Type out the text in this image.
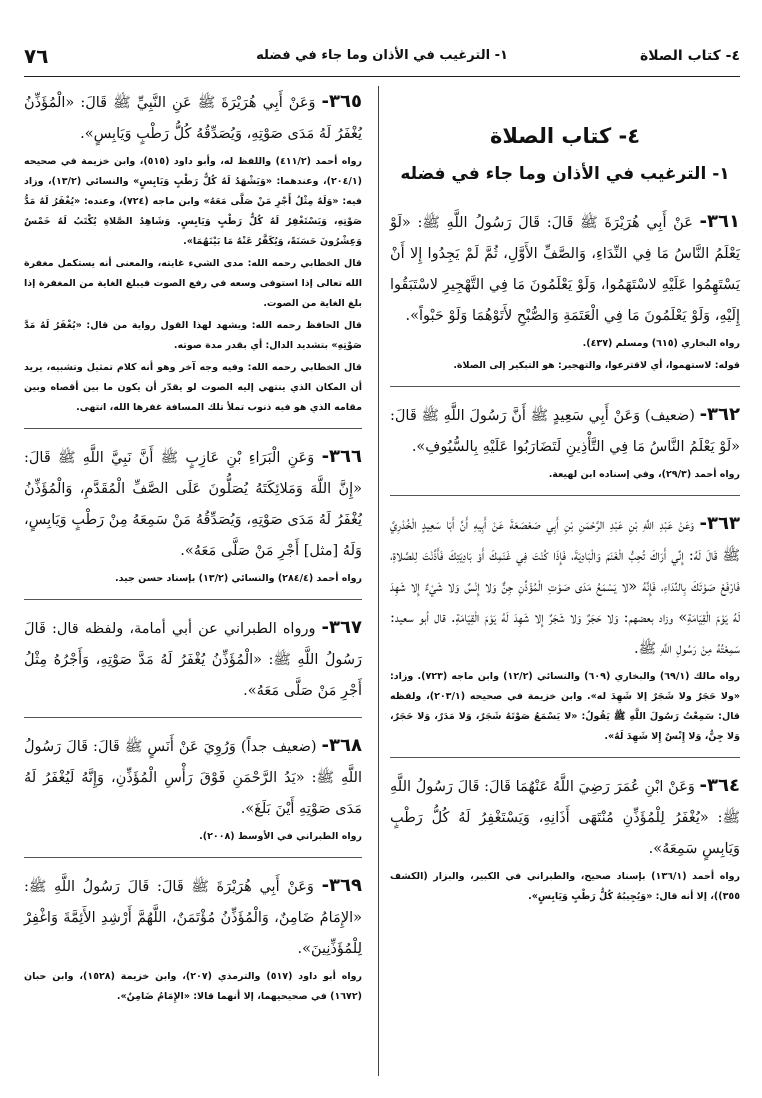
٤- كتاب الصلاة
١- الترغيب في الأذان وما جاء في فضله
٧٦
٤- كتاب الصلاة
١- الترغيب في الأذان وما جاء في فضله

٣٦١- عَنْ أَبِي هُرَيْرَةَ ﷺ قَالَ: قَالَ رَسُولُ اللَّهِ ﷺ: «لَوْ يَعْلَمُ النَّاسُ مَا فِي النِّدَاءِ، وَالصَّفِّ الأَوَّلِ، ثُمَّ لَمْ يَجِدُوا إِلا أَنْ يَسْتَهِمُوا عَلَيْهِ لاسْتَهَمُوا، وَلَوْ يَعْلَمُونَ مَا فِي التَّهْجِيرِ لاسْتَبَقُوا إِلَيْهِ، وَلَوْ يَعْلَمُونَ مَا فِي الْعَتَمَةِ وَالصُّبْحِ لأَتَوْهُمَا وَلَوْ حَبْواً».

رواه البخاري (٦١٥) ومسلم (٤٣٧).
قوله: لاستهموا، أي لاقترعوا، والتهجير: هو التبكير إلى الصلاة.

٣٦٢- (ضعيف) وَعَنْ أَبِي سَعِيدٍ ﷺ أَنَّ رَسُولَ اللَّهِ ﷺ قَالَ: «لَوْ يَعْلَمُ النَّاسُ مَا فِي التَّأْذِينِ لَتَضَارَبُوا عَلَيْهِ بِالسُّيُوفِ».

رواه أحمد (٢٩/٣)، وفي إسناده ابن لهيعة.

٣٦٣- وَعَنْ عَبْدِ اللَّهِ بْنِ عَبْدِ الرَّحْمَنِ بْنِ أَبِي صَعْصَعَةَ عَنْ أَبِيهِ أَنَّ أَبَا سَعِيدٍ الْخُدْرِيَّ ﷺ قَالَ لَهُ: إِنِّي أَرَاكَ تُحِبُّ الْغَنَمَ وَالْبَادِيَةَ، فَإِذَا كُنْتَ فِي غَنَمِكَ أَوْ بَادِيَتِكَ فَأَذَّنْتَ لِلصَّلاةِ، فَارْفَعْ صَوْتَكَ بِالنِّدَاءِ، فَإِنَّهُ «لا يَسْمَعُ مَدَى صَوْتِ الْمُؤَذِّنِ جِنٌّ وَلا إِنْسٌ وَلا شَيْءٌ إِلا شَهِدَ لَهُ يَوْمَ الْقِيَامَةِ» وزاد بعضهم: وَلا حَجَرٌ وَلا شَجَرٌ إِلا شَهِدَ لَهُ يَوْمَ الْقِيَامَةِ. قال أبو سعيد: سَمِعْتُهُ مِنْ رَسُولِ اللَّهِ ﷺ.

رواه مالك (٦٩/١) والبخاري (٦٠٩) والنسائي (١٢/٢) وابن ماجه (٧٢٣). وزاد: «ولا حَجَرٌ ولا شَجَرٌ إلا شَهِدَ له». وابن خزيمة في صحيحه (٢٠٣/١)، ولفظه قال: سَمِعْتُ رَسُولَ اللَّهِ ﷺ يَقُولُ: «لا يَسْمَعُ صَوْتَهُ شَجَرٌ، وَلا مَدَرٌ، وَلا حَجَرٌ، وَلا جِنٌّ، وَلا إِنْسٌ إِلا شَهِدَ لَهُ».

٣٦٤- وَعَنْ ابْنِ عُمَرَ رَضِيَ اللَّهُ عَنْهُمَا قَالَ: قَالَ رَسُولُ اللَّهِ ﷺ: «يُغْفَرُ لِلْمُؤَذِّنِ مُنْتَهَى أَذَانِهِ، وَيَسْتَغْفِرُ لَهُ كُلُّ رَطْبٍ وَيَابِسٍ سَمِعَهُ».

رواه أحمد (١٣٦/١) بإسناد صحيح، والطبراني في الكبير، والبزار (الكشف ٣٥٥))، إلا أنه قال: «وَيُجِيبُهُ كُلُّ رَطْبٍ وَيَابِسٍ».

٣٦٥- وَعَنْ أَبِي هُرَيْرَةَ ﷺ عَنِ النَّبِيِّ ﷺ قَالَ: «الْمُؤَذِّنُ يُغْفَرُ لَهُ مَدَى صَوْتِهِ، وَيُصَدِّقُهُ كُلُّ رَطْبٍ وَيَابِسٍ».

رواه أحمد (٤١١/٢) واللفظ له، وأبو داود (٥١٥)، وابن خزيمة في صحيحه (٢٠٤/١)، وعندهما: «وَيَشْهَدُ لَهُ كُلُّ رَطْبٍ وَيَابِسٍ» والنسائي (١٣/٢)، وزاد فيه: «وَلَهُ مِثْلُ أَجْرِ مَنْ صَلَّى مَعَهُ» وابن ماجه (٧٢٤)، وعنده: «يُغْفَرُ لَهُ مَدُّ صَوْتِهِ، وَيَسْتَغْفِرُ لَهُ كُلُّ رَطْبٍ وَيَابِسٍ. وَشَاهِدُ الصَّلاةِ يُكْتَبُ لَهُ خَمْسٌ وَعِشْرُونَ حَسَنَةً، وَيُكَفَّرُ عَنْهُ مَا بَيْنَهُمَا».
قال الخطابي رحمه الله: مدى الشيء غايته، والمعنى أنه يستكمل مغفرة الله تعالى إذا استوفى وسعه في رفع الصوت فيبلغ الغاية من المغفرة إذا بلغ الغاية من الصوت.
قال الحافظ رحمه الله: ويشهد لهذا القول رواية من قال: «يُغْفَرُ لَهُ مَدَّ صَوْتِهِ» بتشديد الدال: أي بقدر مدة صوته.
قال الخطابي رحمه الله: وفيه وجه آخر وهو أنه كلام تمثيل وتشبيه، يريد أن المكان الذي ينتهي إليه الصوت لو يقدّر أن يكون ما بين أقصاه وبين مقامه الذي هو فيه ذنوب تملأ تلك المسافة غفرها الله، انتهى.

٣٦٦- وَعَنِ الْبَرَاءِ بْنِ عَازِبٍ ﷺ أَنَّ نَبِيَّ اللَّهِ ﷺ قَالَ: «إِنَّ اللَّهَ وَمَلائِكَتَهُ يُصَلُّونَ عَلَى الصَّفِّ الْمُقَدَّمِ، وَالْمُؤَذِّنُ يُغْفَرُ لَهُ مَدَى صَوْتِهِ، وَيُصَدِّقُهُ مَنْ سَمِعَهُ مِنْ رَطْبٍ وَيَابِسٍ، وَلَهُ [مثل] أَجْرِ مَنْ صَلَّى مَعَهُ».

رواه أحمد (٢٨٤/٤) والنسائي (١٣/٢) بإسناد حسن جيد.

٣٦٧- ورواه الطبراني عن أبي أمامة، ولفظه قال: قَالَ رَسُولُ اللَّهِ ﷺ: «الْمُؤَذِّنُ يُغْفَرُ لَهُ مَدَّ صَوْتِهِ، وَأَجْرُهُ مِثْلُ أَجْرِ مَنْ صَلَّى مَعَهُ».

٣٦٨- (ضعيف جداً) وَرُوِيَ عَنْ أَنَسٍ ﷺ قَالَ: قَالَ رَسُولُ اللَّهِ ﷺ: «يَدُ الرَّحْمَنِ فَوْقَ رَأْسِ الْمُؤَذِّنِ، وَإِنَّهُ لَيُغْفَرُ لَهُ مَدَى صَوْتِهِ أَيْنَ بَلَغَ».

رواه الطبراني في الأوسط (٢٠٠٨).

٣٦٩- وَعَنْ أَبِي هُرَيْرَةَ ﷺ قَالَ: قَالَ رَسُولُ اللَّهِ ﷺ: «الإِمَامُ ضَامِنٌ، وَالْمُؤَذِّنُ مُؤْتَمَنٌ، اللَّهُمَّ أَرْشِدِ الأَئِمَّةَ وَاغْفِرْ لِلْمُؤَذِّنِينَ».

رواه أبو داود (٥١٧) والترمذي (٢٠٧)، وابن خزيمة (١٥٢٨)، وابن حبان (١٦٧٢) في صحيحيهما، إلا أنهما قالا: «الإِمَامُ ضَامِنٌ».
